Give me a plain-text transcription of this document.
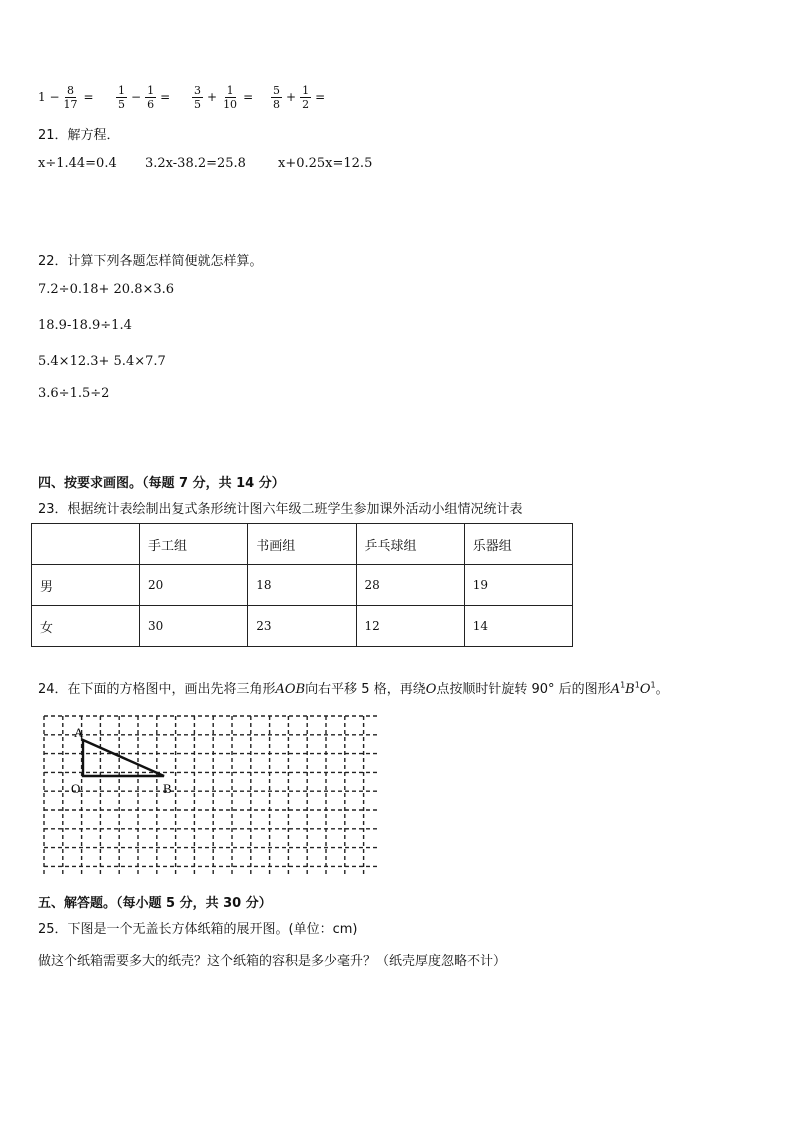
$1 - \frac{8}{17} = \frac{1}{5} - \frac{1}{6} = \frac{3}{5} + \frac{1}{10} = \frac{5}{8} + \frac{1}{2}$ =
21．解方程．
x÷1.44=0.4 3.2x-38.2=25.8 x+0.25x=12.5
22．计算下列各题怎样简便就怎样算。
7.2÷0.18+ 20.8×3.6
18.9-18.9÷1.4
5.4×12.3+ 5.4×7.7
3.6÷1.5÷2
四、按要求画图。（每题 7 分，共 14 分）
23．根据统计表绘制出复式条形统计图六年级二班学生参加课外活动小组情况统计表
	手工组	书画组	乒乓球组	乐器组
男	20	18	28	19
女	30	23	12	14
24．在下面的方格图中，画出先将三角形AOB向右平移 5 格，再绕O点按顺时针旋转 90° 后的图形$A^1B^1O^1$。
A
O	B
五、解答题。（每小题 5 分，共 30 分）
25．下图是一个无盖长方体纸箱的展开图。(单位：cm)
做这个纸箱需要多大的纸壳？这个纸箱的容积是多少毫升？（纸壳厚度忽略不计）
